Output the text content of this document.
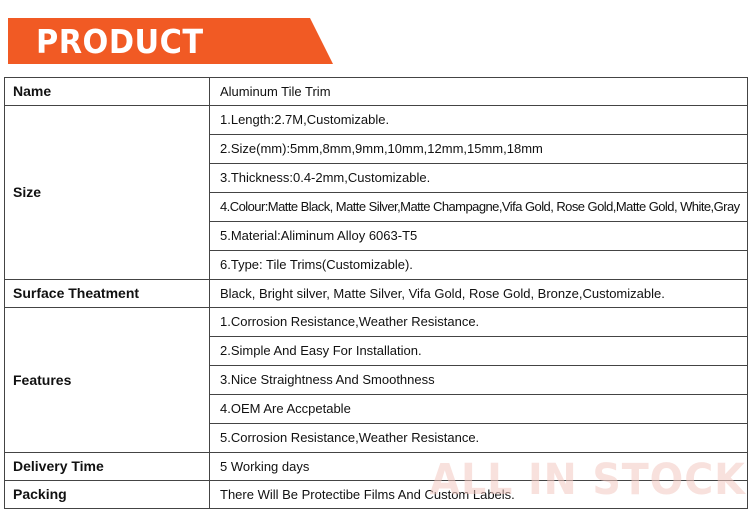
PRODUCT
Name	Aluminum Tile Trim
Size	1.Length:2.7M,Customizable.
	2.Size(mm):5mm,8mm,9mm,10mm,12mm,15mm,18mm
	3.Thickness:0.4-2mm,Customizable.
	4.Colour:Matte Black, Matte Silver,Matte Champagne,Vifa Gold, Rose Gold,Matte Gold, White,Gray
	5.Material:Aliminum Alloy 6063-T5
	6.Type: Tile Trims(Customizable).
Surface Theatment	Black, Bright silver, Matte Silver, Vifa Gold, Rose Gold, Bronze,Customizable.
Features	1.Corrosion Resistance,Weather Resistance.
	2.Simple And Easy For Installation.
	3.Nice Straightness And Smoothness
	4.OEM Are Accpetable
	5.Corrosion Resistance,Weather Resistance.
Delivery Time	5 Working days
Packing	There Will Be Protectibe Films And Custom Labels.
ALL IN STOCK
